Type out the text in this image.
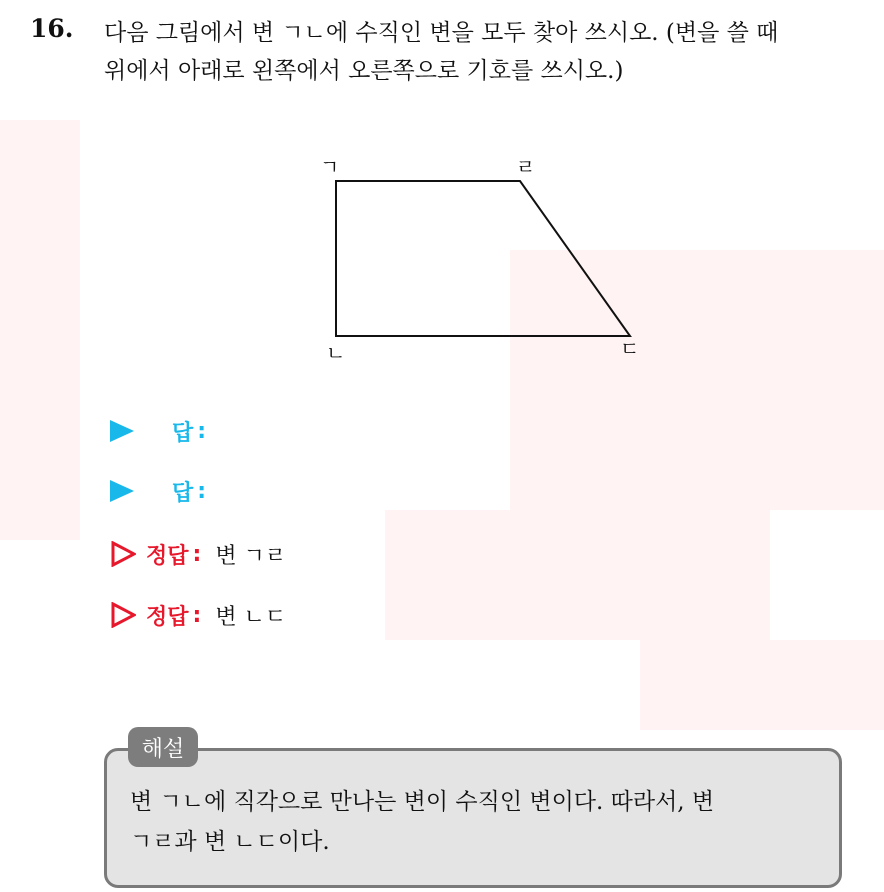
16. 다음 그림에서 변 ㄱㄴ에 수직인 변을 모두 찾아 쓰시오. (변을 쓸 때
위에서 아래로 왼쪽에서 오른쪽으로 기호를 쓰시오.)
ㄱ	ㄹ
ㄴ	ㄷ
답 :
답 :
정답 : 변 ㄱㄹ
정답 : 변 ㄴㄷ
해설
변 ㄱㄴ에 직각으로 만나는 변이 수직인 변이다. 따라서, 변
ㄱㄹ과 변 ㄴㄷ이다.
